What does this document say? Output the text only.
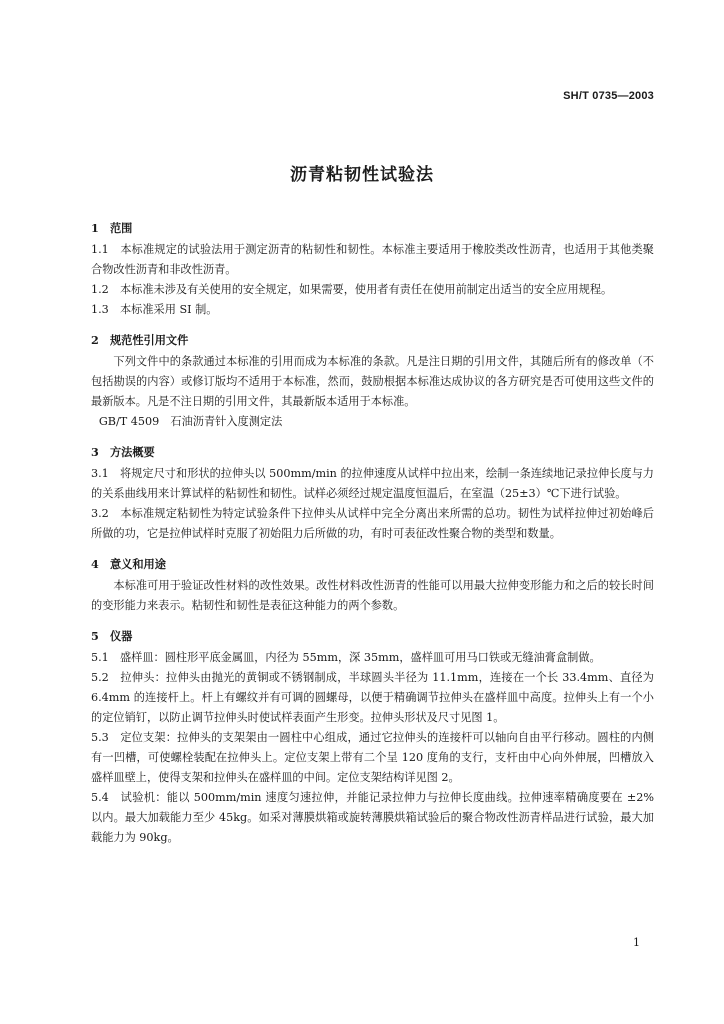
SH/T 0735—2003
沥青粘韧性试验法
1　范围
1.1　本标准规定的试验法用于测定沥青的粘韧性和韧性。本标准主要适用于橡胶类改性沥青，也适用于其他类聚合物改性沥青和非改性沥青。
1.2　本标准未涉及有关使用的安全规定，如果需要，使用者有责任在使用前制定出适当的安全应用规程。
1.3　本标准采用 SI 制。
2　规范性引用文件
下列文件中的条款通过本标准的引用而成为本标准的条款。凡是注日期的引用文件，其随后所有的修改单（不包括勘误的内容）或修订版均不适用于本标准，然而，鼓励根据本标准达成协议的各方研究是否可使用这些文件的最新版本。凡是不注日期的引用文件，其最新版本适用于本标准。
GB/T 4509　石油沥青针入度测定法
3　方法概要
3.1　将规定尺寸和形状的拉伸头以 500mm/min 的拉伸速度从试样中拉出来，绘制一条连续地记录拉伸长度与力的关系曲线用来计算试样的粘韧性和韧性。试样必须经过规定温度恒温后，在室温（25±3）℃下进行试验。
3.2　本标准规定粘韧性为特定试验条件下拉伸头从试样中完全分离出来所需的总功。韧性为试样拉伸过初始峰后所做的功，它是拉伸试样时克服了初始阻力后所做的功，有时可表征改性聚合物的类型和数量。
4　意义和用途
本标准可用于验证改性材料的改性效果。改性材料改性沥青的性能可以用最大拉伸变形能力和之后的较长时间的变形能力来表示。粘韧性和韧性是表征这种能力的两个参数。
5　仪器
5.1　盛样皿：圆柱形平底金属皿，内径为 55mm，深 35mm，盛样皿可用马口铁或无缝油膏盒制做。
5.2　拉伸头：拉伸头由抛光的黄铜或不锈钢制成，半球圆头半径为 11.1mm，连接在一个长 33.4mm、直径为 6.4mm 的连接杆上。杆上有螺纹并有可调的圆螺母，以便于精确调节拉伸头在盛样皿中高度。拉伸头上有一个小的定位销钉，以防止调节拉伸头时使试样表面产生形变。拉伸头形状及尺寸见图 1。
5.3　定位支架：拉伸头的支架架由一圆柱中心组成，通过它拉伸头的连接杆可以轴向自由平行移动。圆柱的内侧有一凹槽，可使螺栓装配在拉伸头上。定位支架上带有二个呈 120 度角的支行，支杆由中心向外伸展，凹槽放入盛样皿壁上，使得支架和拉伸头在盛样皿的中间。定位支架结构详见图 2。
5.4　试验机：能以 500mm/min 速度匀速拉伸，并能记录拉伸力与拉伸长度曲线。拉伸速率精确度要在 ±2% 以内。最大加载能力至少 45kg。如采对薄膜烘箱或旋转薄膜烘箱试验后的聚合物改性沥青样品进行试验，最大加载能力为 90kg。
1
